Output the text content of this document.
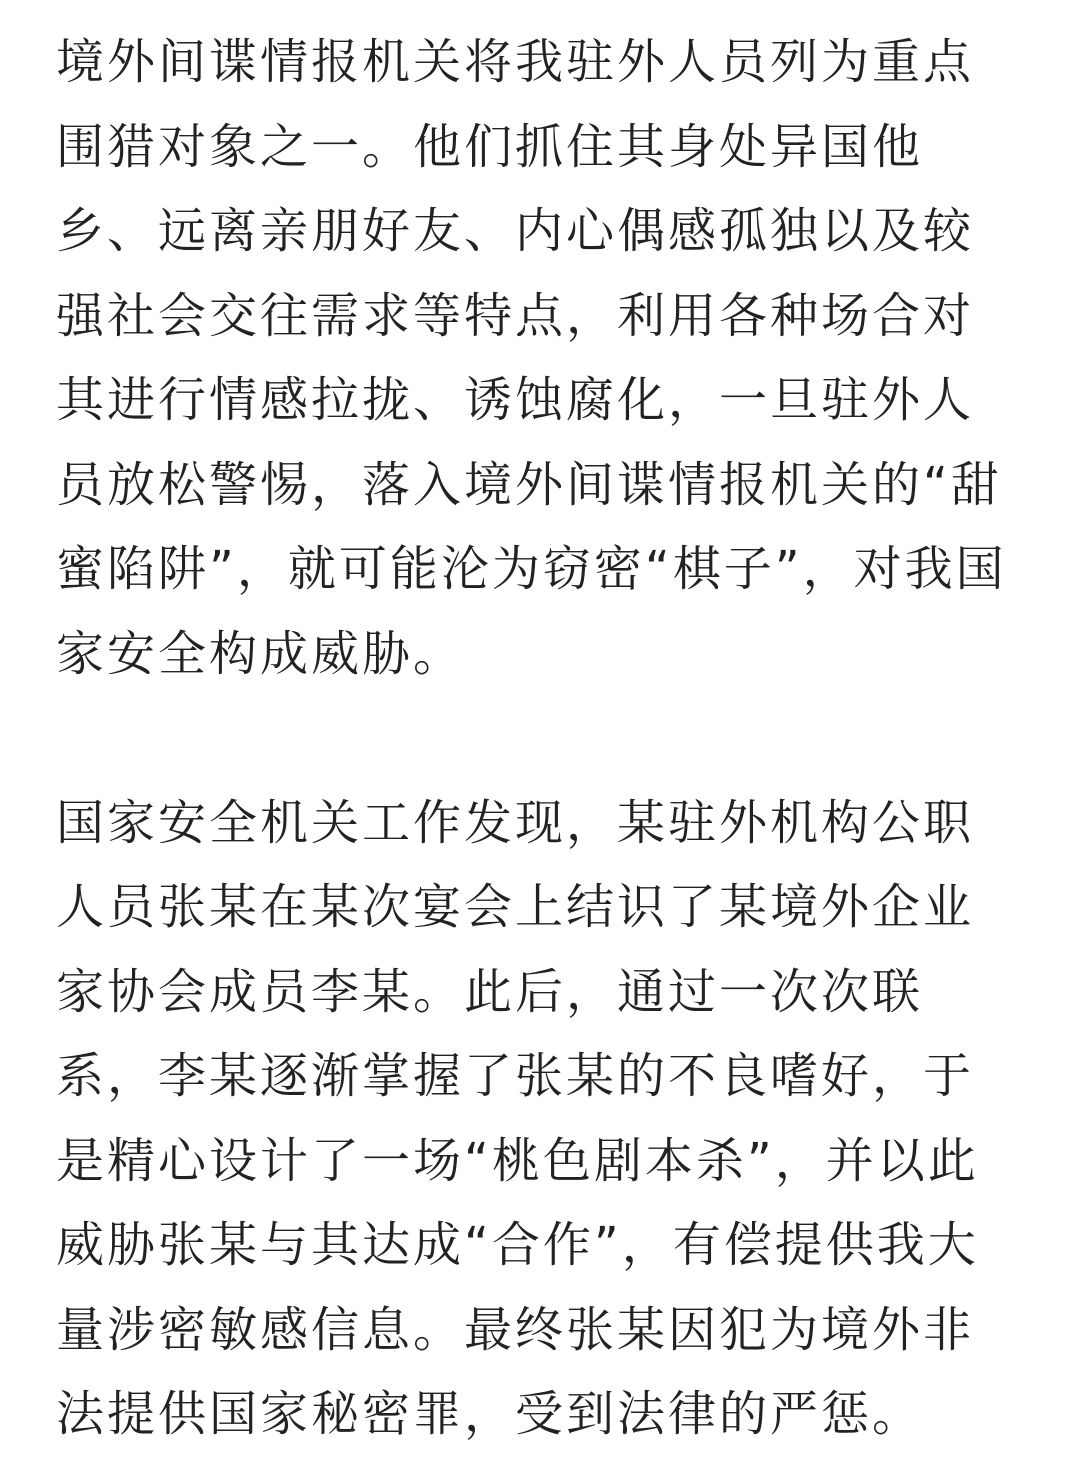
境外间谍情报机关将我驻外人员列为重点
围猎对象之一。他们抓住其身处异国他
乡、远离亲朋好友、内心偶感孤独以及较
强社会交往需求等特点，利用各种场合对
其进行情感拉拢、诱蚀腐化，一旦驻外人
员放松警惕，落入境外间谍情报机关的“甜
蜜陷阱”，就可能沦为窃密“棋子”，对我国
家安全构成威胁。

国家安全机关工作发现，某驻外机构公职
人员张某在某次宴会上结识了某境外企业
家协会成员李某。此后，通过一次次联
系，李某逐渐掌握了张某的不良嗜好，于
是精心设计了一场“桃色剧本杀”，并以此
威胁张某与其达成“合作”，有偿提供我大
量涉密敏感信息。最终张某因犯为境外非
法提供国家秘密罪，受到法律的严惩。
